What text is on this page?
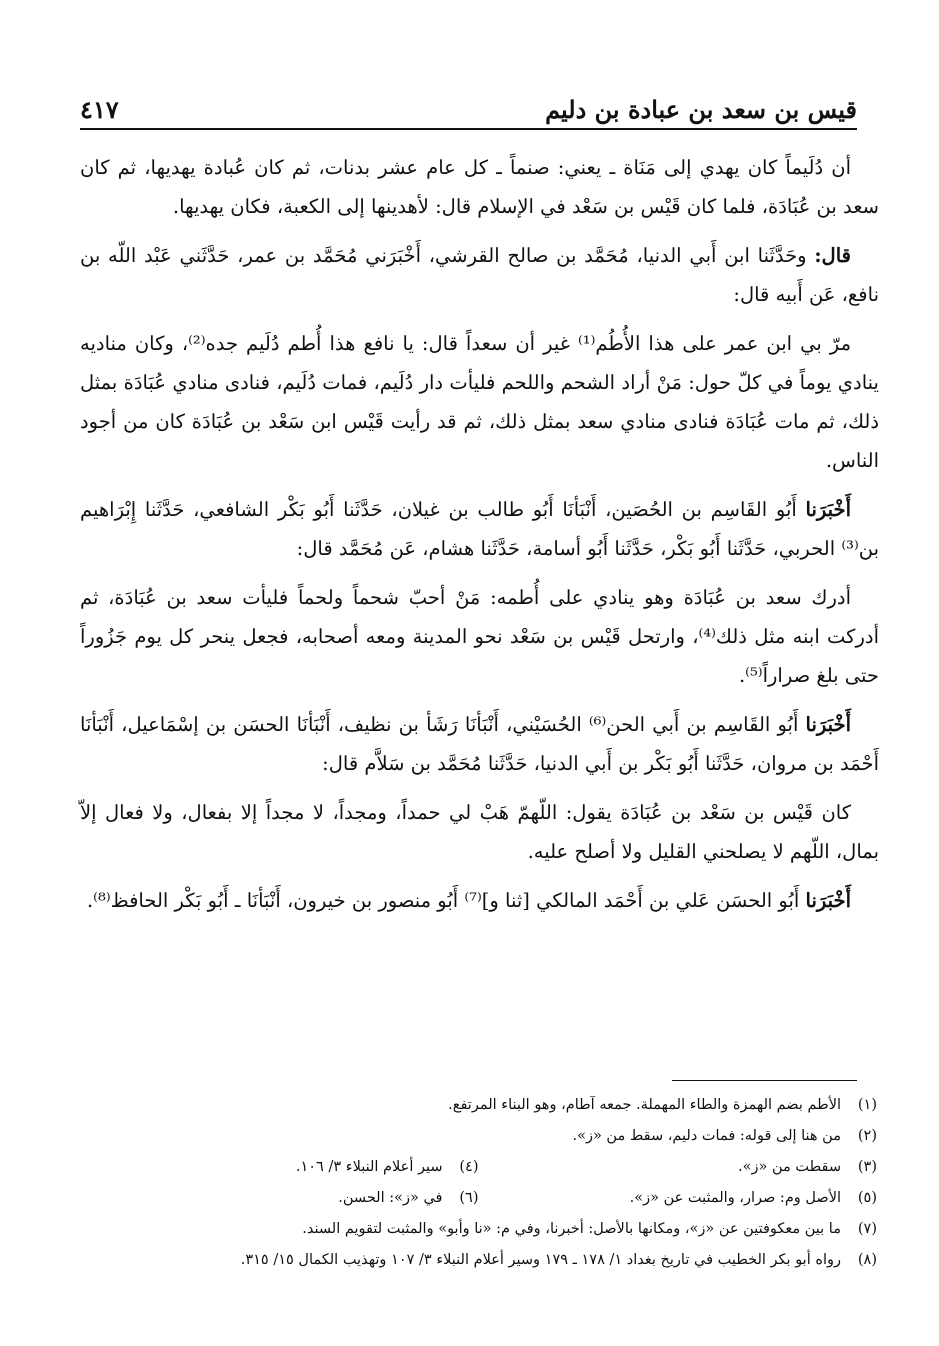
قيس بن سعد بن عبادة بن دليم
٤١٧

أن دُلَيماً كان يهدي إلى مَنَاة ـ يعني: صنماً ـ كل عام عشر بدنات، ثم كان عُبادة يهديها، ثم كان سعد بن عُبَادَة، فلما كان قَيْس بن سَعْد في الإسلام قال: لأهدينها إلى الكعبة، فكان يهديها.

قال: وحَدَّثَنا ابن أَبي الدنيا، مُحَمَّد بن صالح القرشي، أَخْبَرَني مُحَمَّد بن عمر، حَدَّثَني عَبْد اللّه بن نافع، عَن أَبيه قال:

مرّ بي ابن عمر على هذا الأُطُم⁽¹⁾ غير أن سعداً قال: يا نافع هذا أُطم دُلَيم جده⁽²⁾، وكان مناديه ينادي يوماً في كلّ حول: مَنْ أراد الشحم واللحم فليأت دار دُلَيم، فمات دُلَيم، فنادى منادي عُبَادَة بمثل ذلك، ثم مات عُبَادَة فنادى منادي سعد بمثل ذلك، ثم قد رأيت قَيْس ابن سَعْد بن عُبَادَة كان من أجود الناس.

أَخْبَرَنا أَبُو القَاسِم بن الحُصَين، أَنْبَأنَا أَبُو طالب بن غيلان، حَدَّثَنا أَبُو بَكْر الشافعي، حَدَّثَنا إِبْرَاهيم بن⁽³⁾ الحربي، حَدَّثَنا أَبُو بَكْر، حَدَّثَنا أَبُو أسامة، حَدَّثَنا هشام، عَن مُحَمَّد قال:

أدرك سعد بن عُبَادَة وهو ينادي على أُطمه: مَنْ أحبّ شحماً ولحماً فليأت سعد بن عُبَادَة، ثم أدركت ابنه مثل ذلك⁽⁴⁾، وارتحل قَيْس بن سَعْد نحو المدينة ومعه أصحابه، فجعل ينحر كل يوم جَزُوراً حتى بلغ صراراً⁽⁵⁾.

أَخْبَرَنا أَبُو القَاسِم بن أَبي الحن⁽⁶⁾ الحُسَيْني، أَنْبَأنَا رَشَأ بن نظيف، أَنْبَأنَا الحسَن بن إسْمَاعيل، أَنْبَأنَا أَحْمَد بن مروان، حَدَّثَنا أَبُو بَكْر بن أَبي الدنيا، حَدَّثَنا مُحَمَّد بن سَلاَّم قال:

كان قَيْس بن سَعْد بن عُبَادَة يقول: اللّهمّ هَبْ لي حمداً، ومجداً، لا مجداً إلا بفعال، ولا فعال إلاّ بمال، اللّهم لا يصلحني القليل ولا أصلح عليه.

أَخْبَرَنا أَبُو الحسَن عَلي بن أَحْمَد المالكي [ثنا و]⁽⁷⁾ أَبُو منصور بن خيرون، أَنْبَأنَا ـ أَبُو بَكْر الحافظ⁽⁸⁾.

(١)
الأطم بضم الهمزة والطاء المهملة. جمعه آطام، وهو البناء المرتفع.
(٢)
من هنا إلى قوله: فمات دليم، سقط من «ز».
(٣)
سقطت من «ز».
(٤)
سير أعلام النبلاء ٣/ ١٠٦.
(٥)
الأصل وم: صرار، والمثبت عن «ز».
(٦)
في «ز»: الحسن.
(٧)
ما بين معكوفتين عن «ز»، ومكانها بالأصل: أخبرنا، وفي م: «نا وأبو» والمثبت لتقويم السند.
(٨)
رواه أبو بكر الخطيب في تاريخ بغداد ١/ ١٧٨ ـ ١٧٩ وسير أعلام النبلاء ٣/ ١٠٧ وتهذيب الكمال ١٥/ ٣١٥.
